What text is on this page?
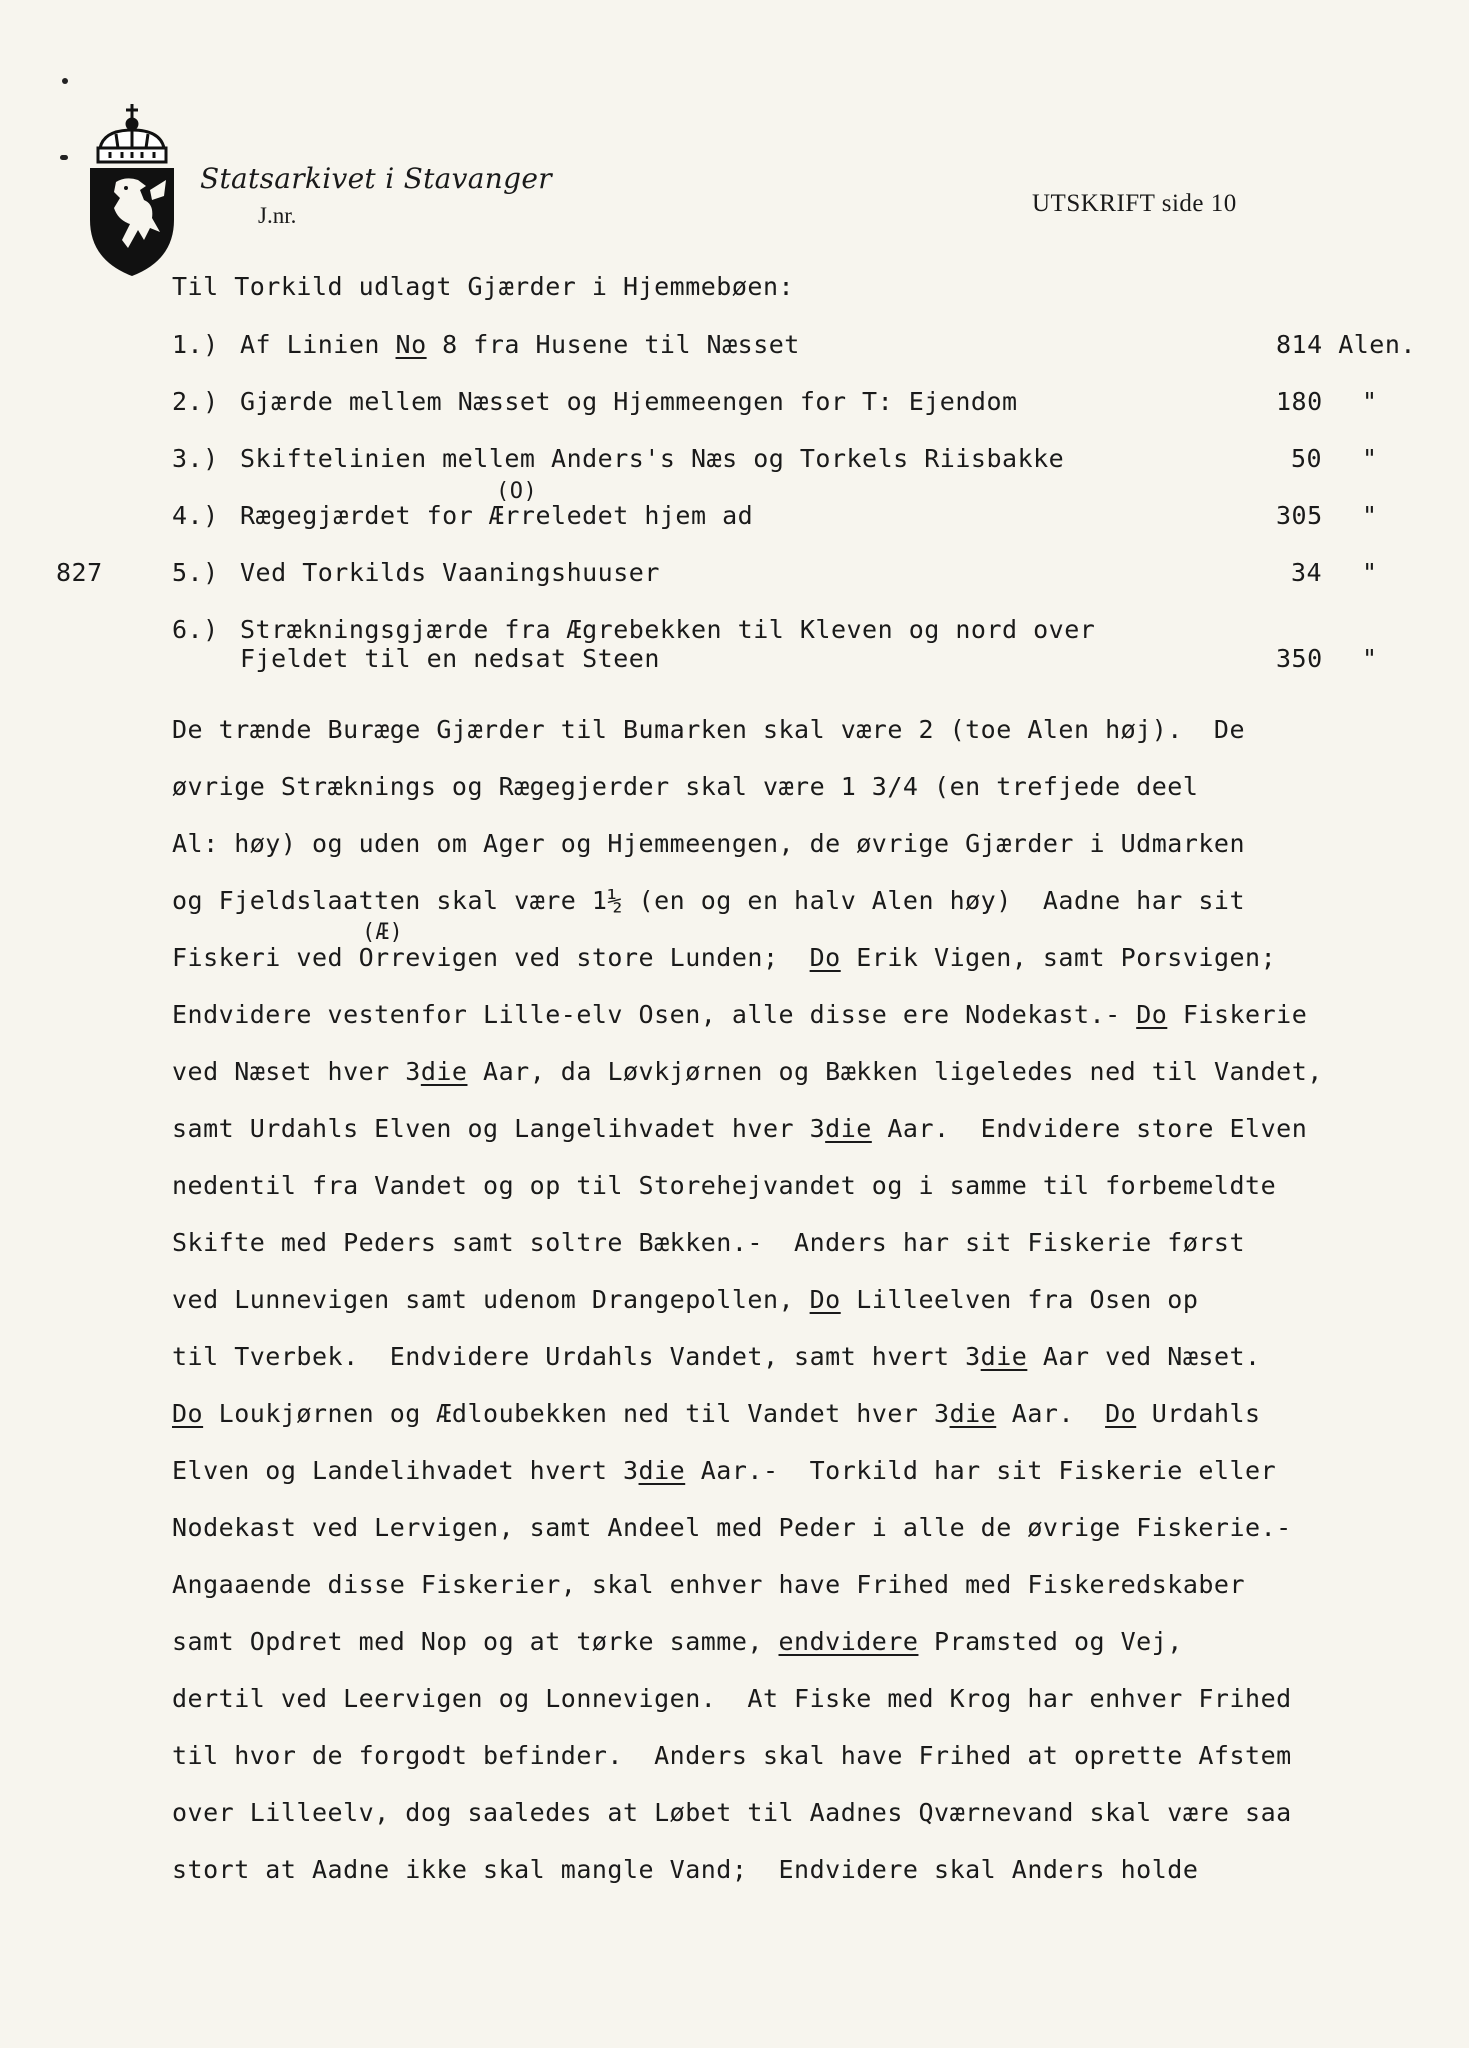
Statsarkivet i Stavanger
J.nr.	UTSKRIFT side 10
Til Torkild udlagt Gjærder i Hjemmebøen:
1.) Af Linien No 8 fra Husene til Næsset	814 Alen.
2.) Gjærde mellem Næsset og Hjemmeengen for T: Ejendom	180 "
3.) Skiftelinien mellem Anders's Næs og Torkels Riisbakke	50 "
(O)
4.) Rægegjærdet for Ærreledet hjem ad	305 "
827	5.) Ved Torkilds Vaaningshuuser	34 "
6.) Strækningsgjærde fra Ægrebekken til Kleven og nord over
Fjeldet til en nedsat Steen	350 "
De trænde Burægе Gjærder til Bumarken skal være 2 (toe Alen høj).  De
øvrige Stræknings og Rægegjerder skal være 1 3/4 (en trefjede deel
Al: høy) og uden om Ager og Hjemmeengen, de øvrige Gjærder i Udmarken
og Fjeldslaatten skal være 1½ (en og en halv Alen høy)  Aadne har sit
(Æ)
Fiskeri ved Orrevigen ved store Lunden;  Do Erik Vigen, samt Porsvigen;
Endvidere vestenfor Lille-elv Osen, alle disse ere Nodekast.- Do Fiskerie
ved Næset hver 3die Aar, da Løvkjørnen og Bækken ligeledes ned til Vandet,
samt Urdahls Elven og Langelihvadet hver 3die Aar.  Endvidere store Elven
nedentil fra Vandet og op til Storehejvandet og i samme til forbemeldte
Skifte med Peders samt soltre Bækken.-  Anders har sit Fiskerie først
ved Lunnevigen samt udenom Drangepollen, Do Lilleelven fra Osen op
til Tverbek.  Endvidere Urdahls Vandet, samt hvert 3die Aar ved Næset.
Do Loukjørnen og Ædloubekken ned til Vandet hver 3die Aar.  Do Urdahls
Elven og Landelihvadet hvert 3die Aar.-  Torkild har sit Fiskerie eller
Nodekast ved Lervigen, samt Andeel med Peder i alle de øvrige Fiskerie.-
Angaaende disse Fiskerier, skal enhver have Frihed med Fiskeredskaber
samt Opdret med Nop og at tørke samme, endvidere Pramsted og Vej,
dertil ved Leervigen og Lonnevigen.  At Fiske med Krog har enhver Frihed
til hvor de forgodt befinder.  Anders skal have Frihed at oprette Afstem
over Lilleelv, dog saaledes at Løbet til Aadnes Qværnevand skal være saa
stort at Aadne ikke skal mangle Vand;  Endvidere skal Anders holde
